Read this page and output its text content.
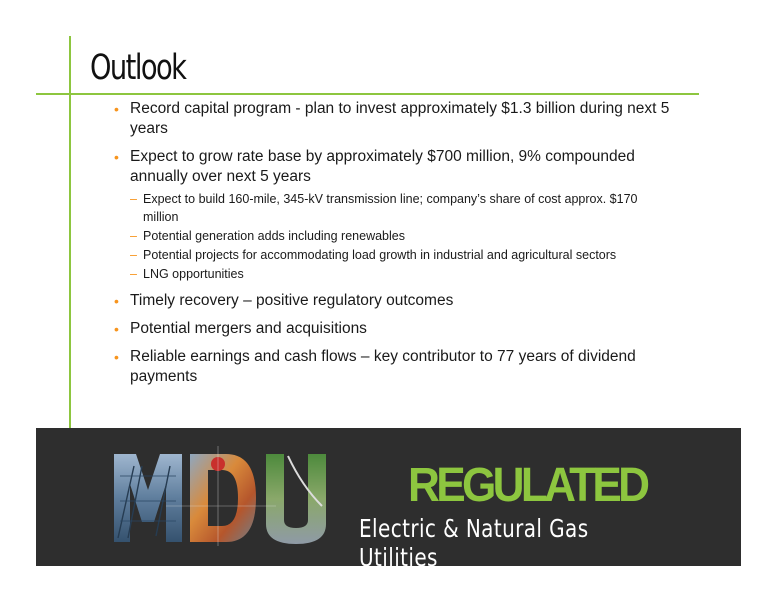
Outlook
• Record capital program - plan to invest approximately $1.3 billion during next 5 years
• Expect to grow rate base by approximately $700 million, 9% compounded annually over next 5 years
– Expect to build 160-mile, 345-kV transmission line; company’s share of cost approx. $170 million
– Potential generation adds including renewables
– Potential projects for accommodating load growth in industrial and agricultural sectors
– LNG opportunities
• Timely recovery – positive regulatory outcomes
• Potential mergers and acquisitions
• Reliable earnings and cash flows – key contributor to 77 years of dividend payments

REGULATED

Electric & Natural Gas Utilities
